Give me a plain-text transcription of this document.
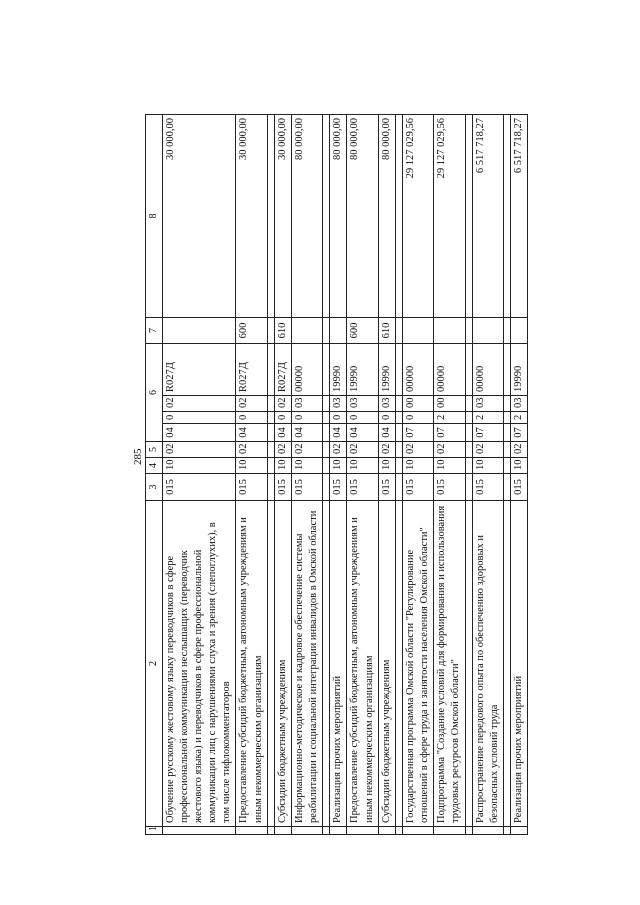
285
1	2	3	4	5	6				7	8
	Обучение русскому жестовому языку переводчиков в сфере профессиональной коммуникации неслышащих (переводчик жестового языка) и переводчиков в сфере профессиональной коммуникации лиц с нарушениями слуха и зрения (слепоглухих), в том числе тифлокомментаторов	015	10	02	04	0	02	R027Д		30 000,00
	Предоставление субсидий бюджетным, автономным учреждениям и иным некоммерческим организациям	015	10	02	04	0	02	R027Д	600	30 000,00

	Субсидии бюджетным учреждениям	015	10	02	04	0	02	R027Д	610	30 000,00
	Информационно-методическое и кадровое обеспечение системы реабилитации и социальной интеграции инвалидов в Омской области	015	10	02	04	0	03	00000		80 000,00

	Реализация прочих мероприятий	015	10	02	04	0	03	19990		80 000,00
	Предоставление субсидий бюджетным, автономным учреждениям и иным некоммерческим организациям	015	10	02	04	0	03	19990	600	80 000,00
	Субсидии бюджетным учреждениям	015	10	02	04	0	03	19990	610	80 000,00

	Государственная программа Омской области "Регулирование отношений в сфере труда и занятости населения Омской области"	015	10	02	07	0	00	00000		29 127 029,56
	Подпрограмма "Создание условий для формирования и использования трудовых ресурсов Омской области"	015	10	02	07	2	00	00000		29 127 029,56

	Распространение передового опыта по обеспечению здоровых и безопасных условий труда	015	10	02	07	2	03	00000		6 517 718,27

	Реализация прочих мероприятий	015	10	02	07	2	03	19990		6 517 718,27
